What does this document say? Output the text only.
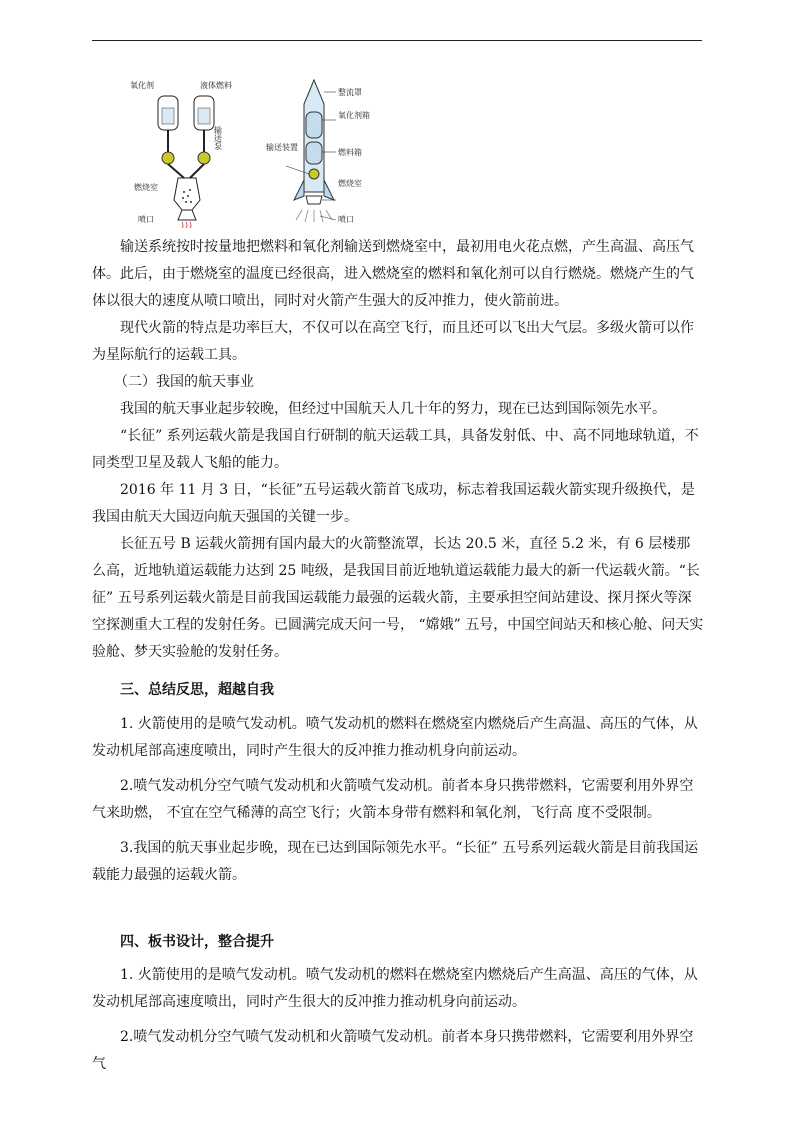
氧化剂	液体燃料
输送泵
燃烧室
喷口
整流罩
氧化剂箱
燃料箱
输送装置
燃烧室
喷口

输送系统按时按量地把燃料和氧化剂输送到燃烧室中，最初用电火花点燃，产生高温、高压气体。此后，由于燃烧室的温度已经很高，进入燃烧室的燃料和氧化剂可以自行燃烧。燃烧产生的气体以很大的速度从喷口喷出，同时对火箭产生强大的反冲推力，使火箭前进。

现代火箭的特点是功率巨大，不仅可以在高空飞行，而且还可以飞出大气层。多级火箭可以作为星际航行的运载工具。

（二）我国的航天事业

我国的航天事业起步较晚，但经过中国航天人几十年的努力，现在已达到国际领先水平。

“长征” 系列运载火箭是我国自行研制的航天运载工具，具备发射低、中、高不同地球轨道，不同类型卫星及载人飞船的能力。

2016 年 11 月 3 日，“长征”五号运载火箭首飞成功，标志着我国运载火箭实现升级换代，是我国由航天大国迈向航天强国的关键一步。

长征五号 B 运载火箭拥有国内最大的火箭整流罩，长达 20.5 米，直径 5.2 米，有 6 层楼那么高，近地轨道运载能力达到 25 吨级，是我国目前近地轨道运载能力最大的新一代运载火箭。“长征” 五号系列运载火箭是目前我国运载能力最强的运载火箭，主要承担空间站建设、探月探火等深空探测重大工程的发射任务。已圆满完成天问一号， “嫦娥” 五号，中国空间站天和核心舱、问天实验舱、梦天实验舱的发射任务。

三、总结反思，超越自我

1. 火箭使用的是喷气发动机。喷气发动机的燃料在燃烧室内燃烧后产生高温、高压的气体，从发动机尾部高速度喷出，同时产生很大的反冲推力推动机身向前运动。

2.喷气发动机分空气喷气发动机和火箭喷气发动机。前者本身只携带燃料，它需要利用外界空气来助燃， 不宜在空气稀薄的高空飞行；火箭本身带有燃料和氧化剂，飞行高 度不受限制。

3.我国的航天事业起步晚，现在已达到国际领先水平。“长征” 五号系列运载火箭是目前我国运载能力最强的运载火箭。

四、板书设计，整合提升

1. 火箭使用的是喷气发动机。喷气发动机的燃料在燃烧室内燃烧后产生高温、高压的气体，从发动机尾部高速度喷出，同时产生很大的反冲推力推动机身向前运动。

2.喷气发动机分空气喷气发动机和火箭喷气发动机。前者本身只携带燃料，它需要利用外界空气
